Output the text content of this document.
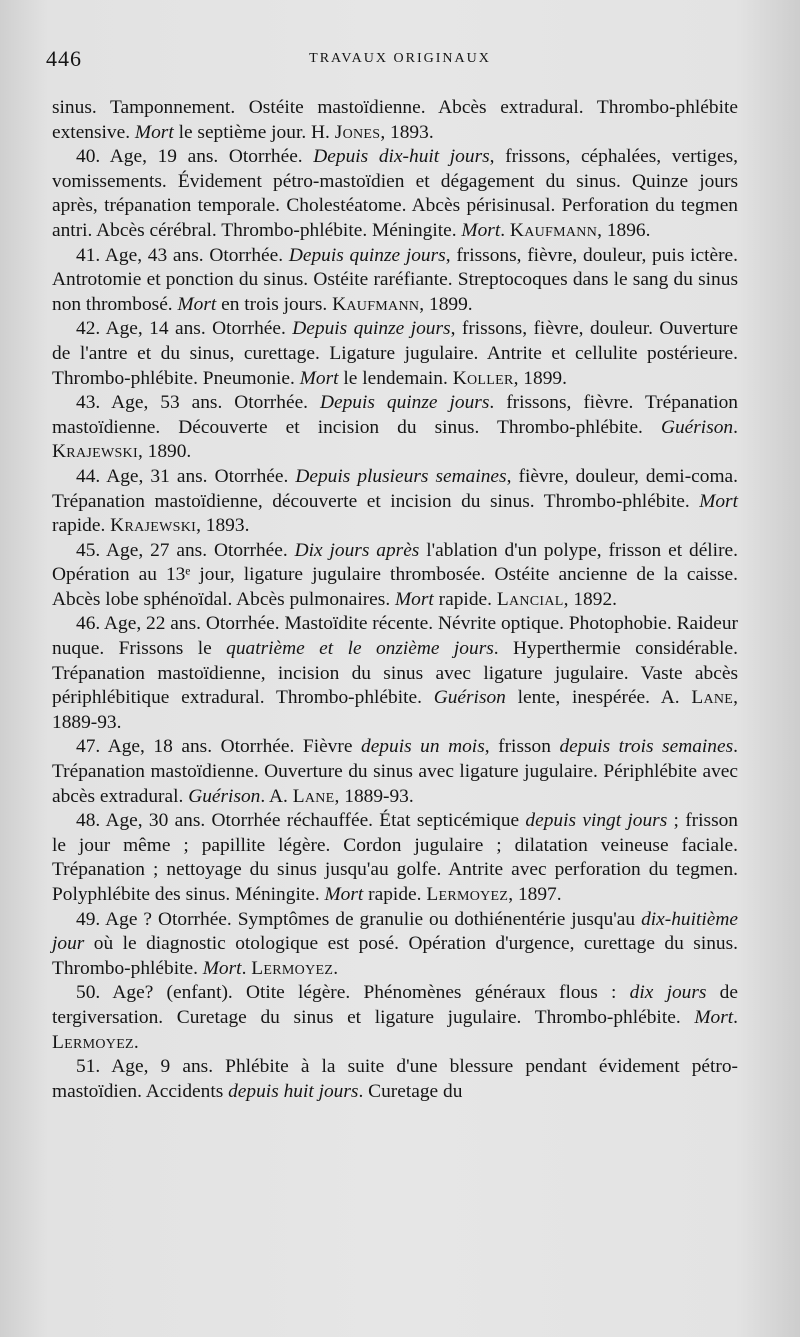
446	TRAVAUX ORIGINAUX

sinus. Tamponnement. Ostéite mastoïdienne. Abcès extradural. Thrombo-phlébite extensive. Mort le septième jour. H. Jones, 1893.

40. Age, 19 ans. Otorrhée. Depuis dix-huit jours, frissons, céphalées, vertiges, vomissements. Évidement pétro-mastoïdien et dégagement du sinus. Quinze jours après, trépanation temporale. Cholestéatome. Abcès périsinusal. Perforation du tegmen antri. Abcès cérébral. Thrombo-phlébite. Méningite. Mort. Kaufmann, 1896.

41. Age, 43 ans. Otorrhée. Depuis quinze jours, frissons, fièvre, douleur, puis ictère. Antrotomie et ponction du sinus. Ostéite raréfiante. Streptocoques dans le sang du sinus non thrombosé. Mort en trois jours. Kaufmann, 1899.

42. Age, 14 ans. Otorrhée. Depuis quinze jours, frissons, fièvre, douleur. Ouverture de l'antre et du sinus, curettage. Ligature jugulaire. Antrite et cellulite postérieure. Thrombo-phlébite. Pneumonie. Mort le lendemain. Koller, 1899.

43. Age, 53 ans. Otorrhée. Depuis quinze jours. frissons, fièvre. Trépanation mastoïdienne. Découverte et incision du sinus. Thrombo-phlébite. Guérison. Krajewski, 1890.

44. Age, 31 ans. Otorrhée. Depuis plusieurs semaines, fièvre, douleur, demi-coma. Trépanation mastoïdienne, découverte et incision du sinus. Thrombo-phlébite. Mort rapide. Krajewski, 1893.

45. Age, 27 ans. Otorrhée. Dix jours après l'ablation d'un polype, frisson et délire. Opération au 13ᵉ jour, ligature jugulaire thrombosée. Ostéite ancienne de la caisse. Abcès lobe sphénoïdal. Abcès pulmonaires. Mort rapide. Lancial, 1892.

46. Age, 22 ans. Otorrhée. Mastoïdite récente. Névrite optique. Photophobie. Raideur nuque. Frissons le quatrième et le onzième jours. Hyperthermie considérable. Trépanation mastoïdienne, incision du sinus avec ligature jugulaire. Vaste abcès périphlébitique extradural. Thrombo-phlébite. Guérison lente, inespérée. A. Lane, 1889-93.

47. Age, 18 ans. Otorrhée. Fièvre depuis un mois, frisson depuis trois semaines. Trépanation mastoïdienne. Ouverture du sinus avec ligature jugulaire. Périphlébite avec abcès extradural. Guérison. A. Lane, 1889-93.

48. Age, 30 ans. Otorrhée réchauffée. État septicémique depuis vingt jours ; frisson le jour même ; papillite légère. Cordon jugulaire ; dilatation veineuse faciale. Trépanation ; nettoyage du sinus jusqu'au golfe. Antrite avec perforation du tegmen. Polyphlébite des sinus. Méningite. Mort rapide. Lermoyez, 1897.

49. Age ? Otorrhée. Symptômes de granulie ou dothiénentérie jusqu'au dix-huitième jour où le diagnostic otologique est posé. Opération d'urgence, curettage du sinus. Thrombo-phlébite. Mort. Lermoyez.

50. Age? (enfant). Otite légère. Phénomènes généraux flous : dix jours de tergiversation. Curetage du sinus et ligature jugulaire. Thrombo-phlébite. Mort. Lermoyez.

51. Age, 9 ans. Phlébite à la suite d'une blessure pendant évidement pétro-mastoïdien. Accidents depuis huit jours. Curetage du
